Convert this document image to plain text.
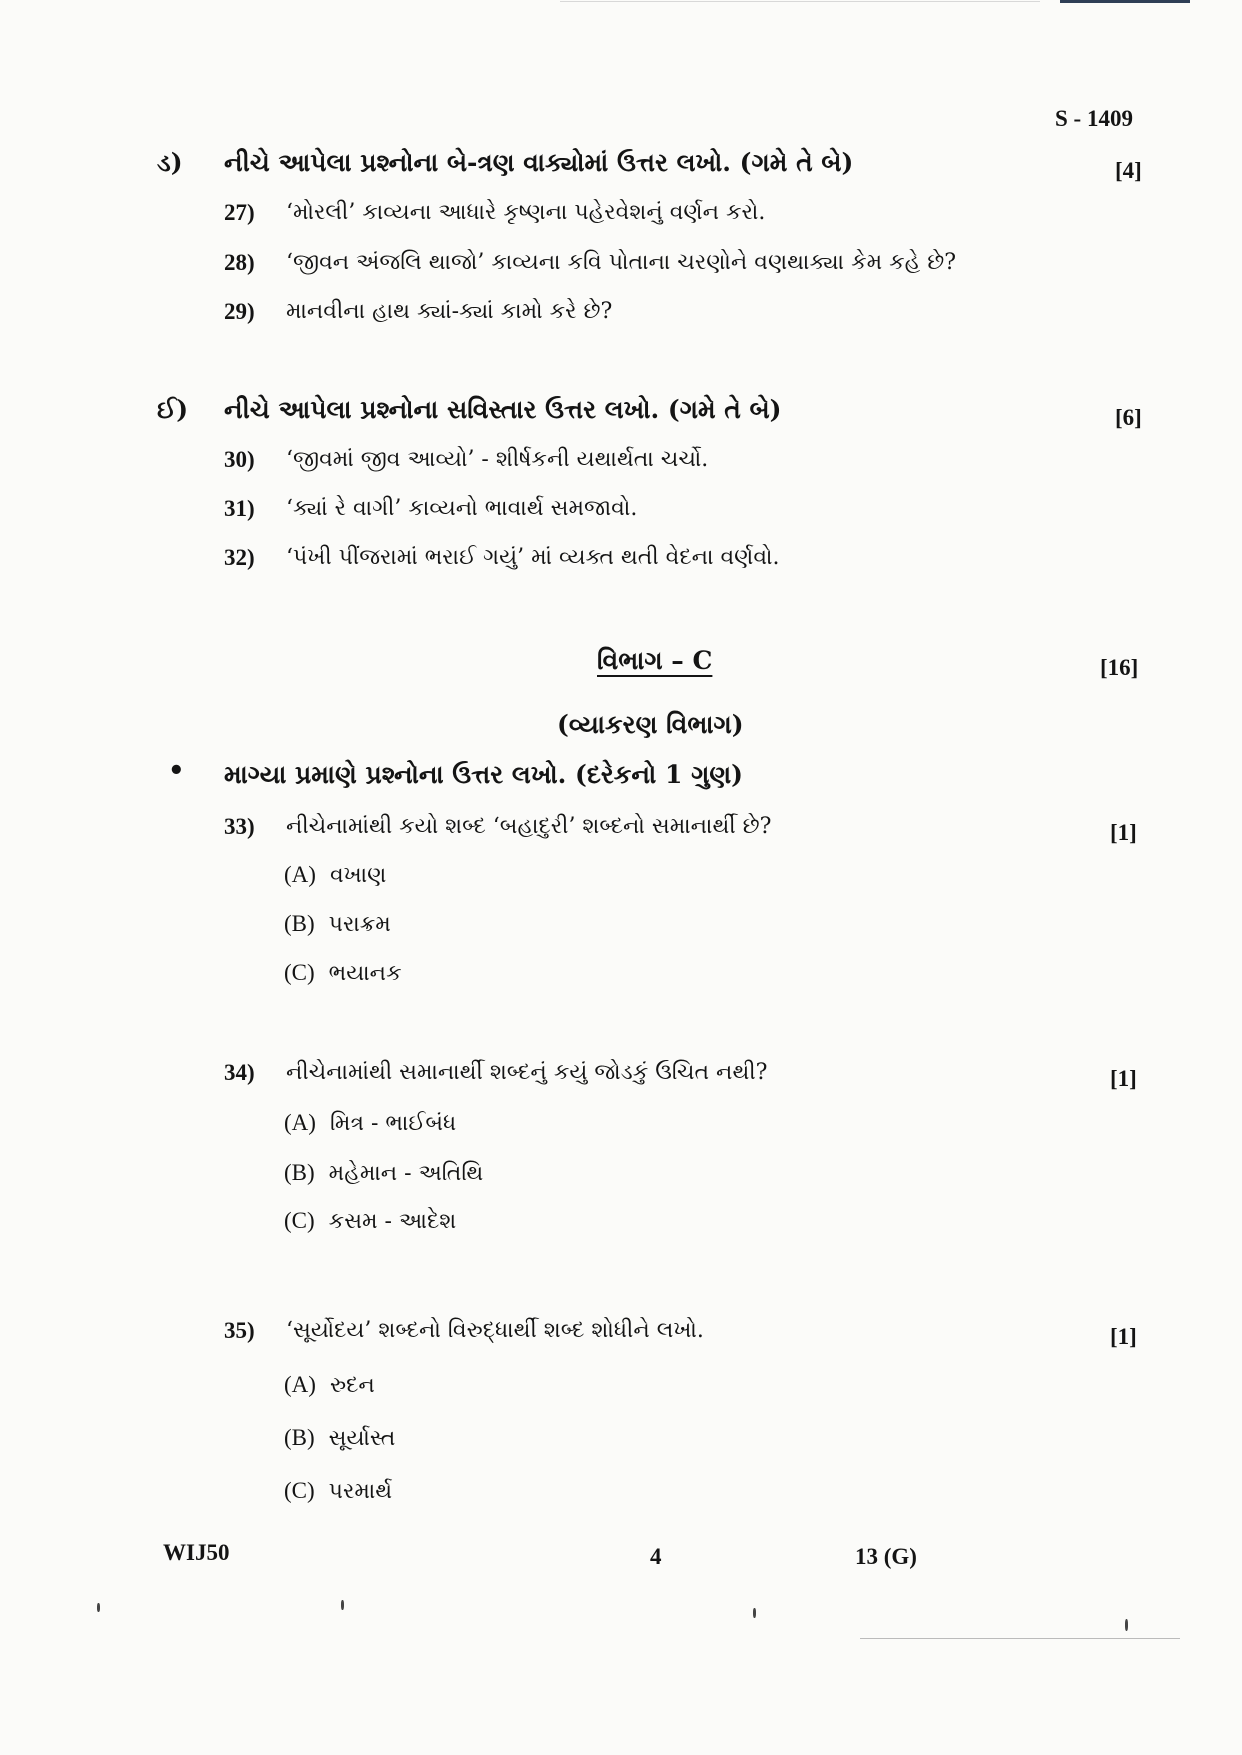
S - 1409
ડ) નીચે આપેલા પ્રશ્નોના બે-ત્રણ વાક્યોમાં ઉત્તર લખો. (ગમે તે બે)	[4]
27) ‘મોરલી’ કાવ્યના આધારે કૃષ્ણના પહેરવેશનું વર્ણન કરો.
28) ‘જીવન અંજલિ થાજો’ કાવ્યના કવિ પોતાના ચરણોને વણથાક્યા કેમ કહે છે?
29) માનવીના હાથ ક્યાં-ક્યાં કામો કરે છે?
ઈ) નીચે આપેલા પ્રશ્નોના સવિસ્તાર ઉત્તર લખો. (ગમે તે બે)	[6]
30) ‘જીવમાં જીવ આવ્યો’ - શીર્ષકની યથાર્થતા ચર્ચો.
31) ‘ક્યાં રે વાગી’ કાવ્યનો ભાવાર્થ સમજાવો.
32) ‘પંખી પીંજરામાં ભરાઈ ગયું’ માં વ્યક્ત થતી વેદના વર્ણવો.
વિભાગ – C	[16]
(વ્યાકરણ વિભાગ)
• માગ્યા પ્રમાણે પ્રશ્નોના ઉત્તર લખો. (દરેકનો 1 ગુણ)
33) નીચેનામાંથી કયો શબ્દ ‘બહાદુરી’ શબ્દનો સમાનાર્થી છે?	[1]
(A) વખાણ
(B) પરાક્રમ
(C) ભયાનક
34) નીચેનામાંથી સમાનાર્થી શબ્દનું કયું જોડકું ઉચિત નથી?	[1]
(A) મિત્ર - ભાઈબંધ
(B) મહેમાન - અતિથિ
(C) કસમ - આદેશ
35) ‘સૂર્યોદય’ શબ્દનો વિરુદ્ધાર્થી શબ્દ શોધીને લખો.	[1]
(A) રુદન
(B) સૂર્યાસ્ત
(C) પરમાર્થ
WIJ50	4	13 (G)
